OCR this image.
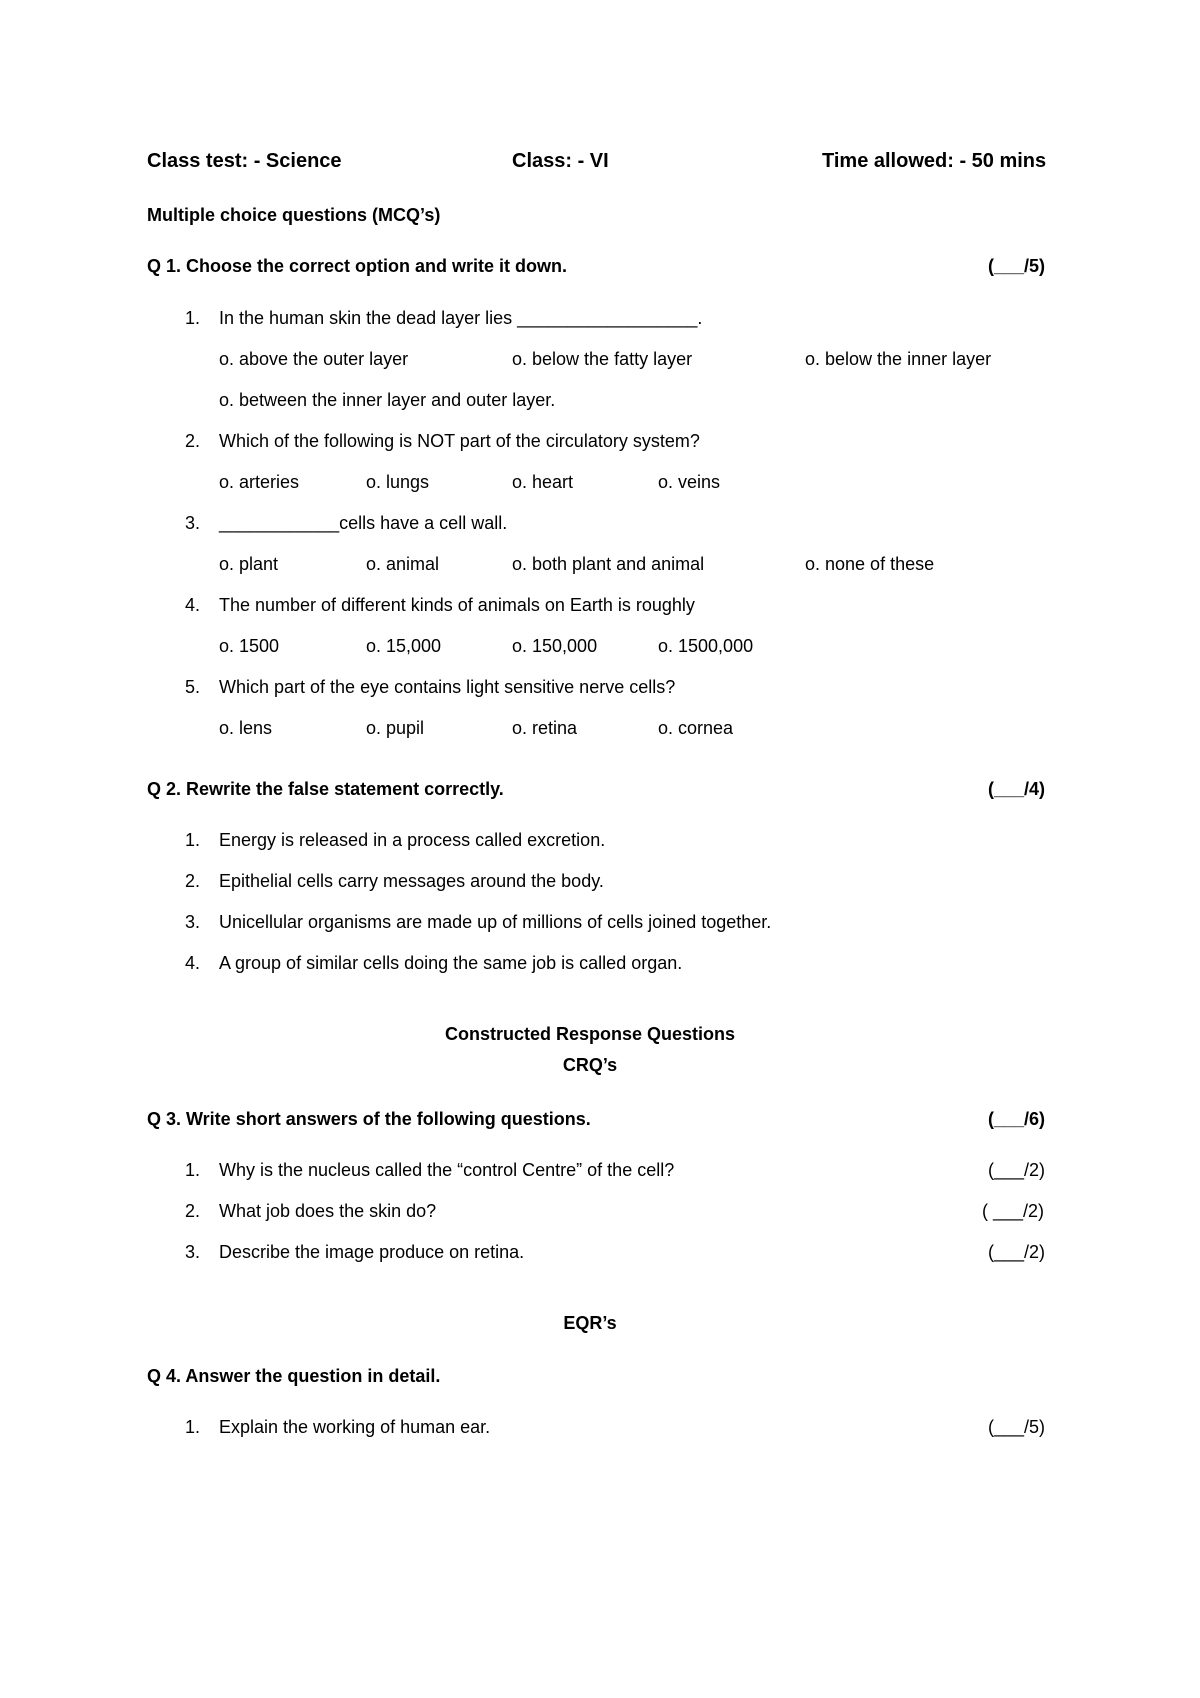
Class test: - Science	Class: - VI	Time allowed: - 50 mins
Multiple choice questions (MCQ’s)
Q 1. Choose the correct option and write it down.	(___/5)
1. In the human skin the dead layer lies __________________.
o. above the outer layer	o. below the fatty layer	o. below the inner layer
o. between the inner layer and outer layer.
2. Which of the following is NOT part of the circulatory system?
o. arteries	o. lungs	o. heart	o. veins
3. ____________cells have a cell wall.
o. plant	o. animal	o. both plant and animal	o. none of these
4. The number of different kinds of animals on Earth is roughly
o. 1500	o. 15,000	o. 150,000	o. 1500,000
5. Which part of the eye contains light sensitive nerve cells?
o. lens	o. pupil	o. retina	o. cornea
Q 2. Rewrite the false statement correctly.	(___/4)
1. Energy is released in a process called excretion.
2. Epithelial cells carry messages around the body.
3. Unicellular organisms are made up of millions of cells joined together.
4. A group of similar cells doing the same job is called organ.
Constructed Response Questions
CRQ’s
Q 3. Write short answers of the following questions.	(___/6)
1. Why is the nucleus called the “control Centre” of the cell?	(___/2)
2. What job does the skin do?	( ___/2)
3. Describe the image produce on retina.	(___/2)
EQR’s
Q 4. Answer the question in detail.
1. Explain the working of human ear.	(___/5)
